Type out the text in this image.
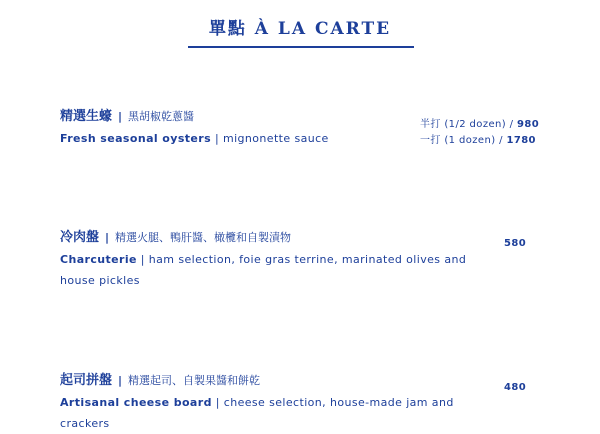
單點 À LA CARTE
精選生蠔 | 黑胡椒乾蔥醬
Fresh seasonal oysters | mignonette sauce
半打 (1/2 dozen) / 980
一打 (1 dozen) / 1780
冷肉盤 | 精選火腿、鴨肝醬、橄欖和自製漬物
Charcuterie | ham selection, foie gras terrine, marinated olives and house pickles
580
起司拼盤 | 精選起司、自製果醬和餅乾
Artisanal cheese board | cheese selection, house-made jam and crackers
480
